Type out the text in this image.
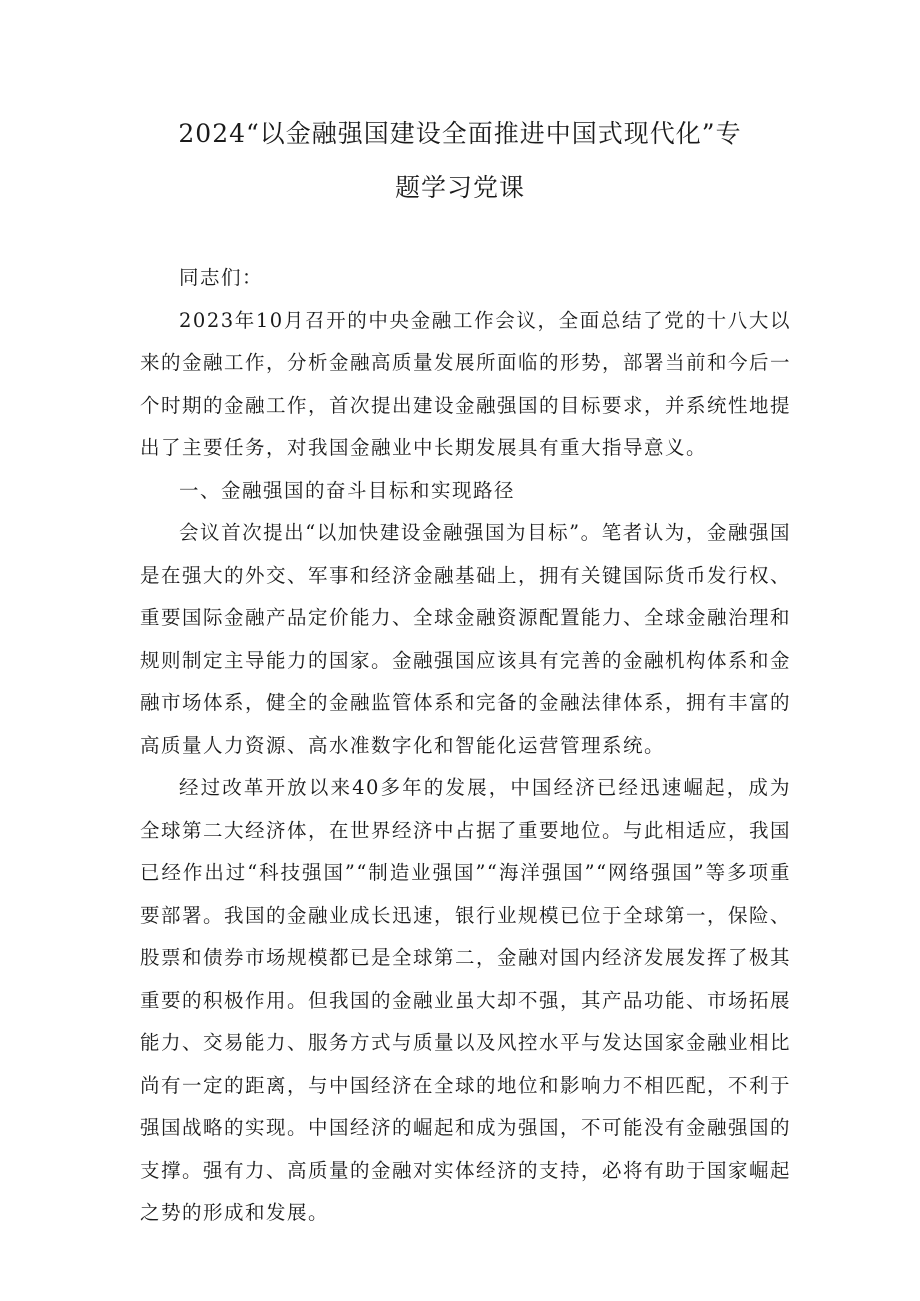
2024“以金融强国建设全面推进中国式现代化”专
题学习党课

同志们：

2023年10月召开的中央金融工作会议，全面总结了党的十八大以来的金融工作，分析金融高质量发展所面临的形势，部署当前和今后一个时期的金融工作，首次提出建设金融强国的目标要求，并系统性地提出了主要任务，对我国金融业中长期发展具有重大指导意义。

一、金融强国的奋斗目标和实现路径

会议首次提出“以加快建设金融强国为目标”。笔者认为，金融强国是在强大的外交、军事和经济金融基础上，拥有关键国际货币发行权、重要国际金融产品定价能力、全球金融资源配置能力、全球金融治理和规则制定主导能力的国家。金融强国应该具有完善的金融机构体系和金融市场体系，健全的金融监管体系和完备的金融法律体系，拥有丰富的高质量人力资源、高水准数字化和智能化运营管理系统。

经过改革开放以来40多年的发展，中国经济已经迅速崛起，成为全球第二大经济体，在世界经济中占据了重要地位。与此相适应，我国已经作出过“科技强国”“制造业强国”“海洋强国”“网络强国”等多项重要部署。我国的金融业成长迅速，银行业规模已位于全球第一，保险、股票和债券市场规模都已是全球第二，金融对国内经济发展发挥了极其重要的积极作用。但我国的金融业虽大却不强，其产品功能、市场拓展能力、交易能力、服务方式与质量以及风控水平与发达国家金融业相比尚有一定的距离，与中国经济在全球的地位和影响力不相匹配，不利于强国战略的实现。中国经济的崛起和成为强国，不可能没有金融强国的支撑。强有力、高质量的金融对实体经济的支持，必将有助于国家崛起之势的形成和发展。
